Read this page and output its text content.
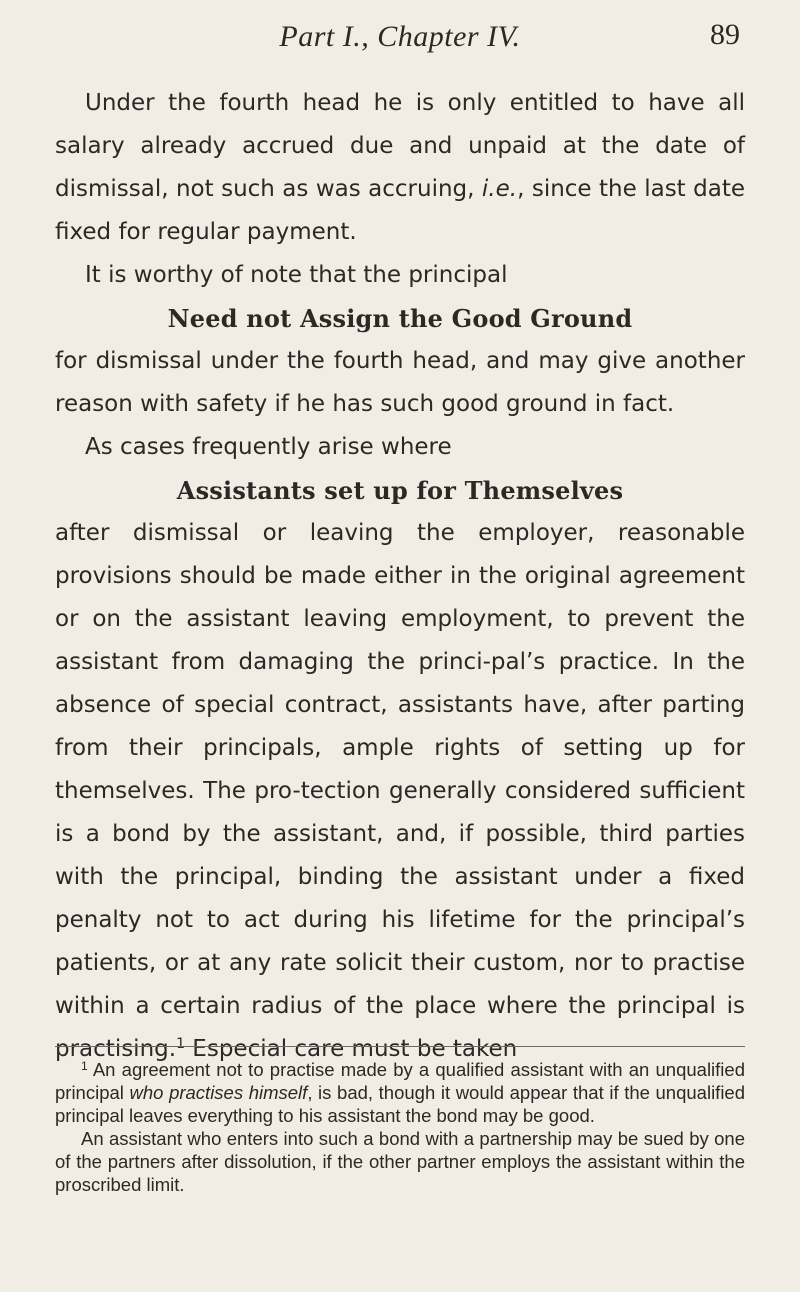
Part I., Chapter IV.	89

Under the fourth head he is only entitled to have all salary already accrued due and unpaid at the date of dismissal, not such as was accruing, i.e., since the last date fixed for regular payment.

It is worthy of note that the principal

Need not Assign the Good Ground

for dismissal under the fourth head, and may give another reason with safety if he has such good ground in fact.

As cases frequently arise where

Assistants set up for Themselves

after dismissal or leaving the employer, reasonable provisions should be made either in the original agreement or on the assistant leaving employment, to prevent the assistant from damaging the princi-pal’s practice. In the absence of special contract, assistants have, after parting from their principals, ample rights of setting up for themselves. The pro-tection generally considered sufficient is a bond by the assistant, and, if possible, third parties with the principal, binding the assistant under a fixed penalty not to act during his lifetime for the principal’s patients, or at any rate solicit their custom, nor to practise within a certain radius of the place where the principal is practising.$^1$ Especial care must be taken

$^1$ An agreement not to practise made by a qualified assistant with an unqualified principal who practises himself, is bad, though it would appear that if the unqualified principal leaves everything to his assistant the bond may be good.

An assistant who enters into such a bond with a partnership may be sued by one of the partners after dissolution, if the other partner employs the assistant within the proscribed limit.
